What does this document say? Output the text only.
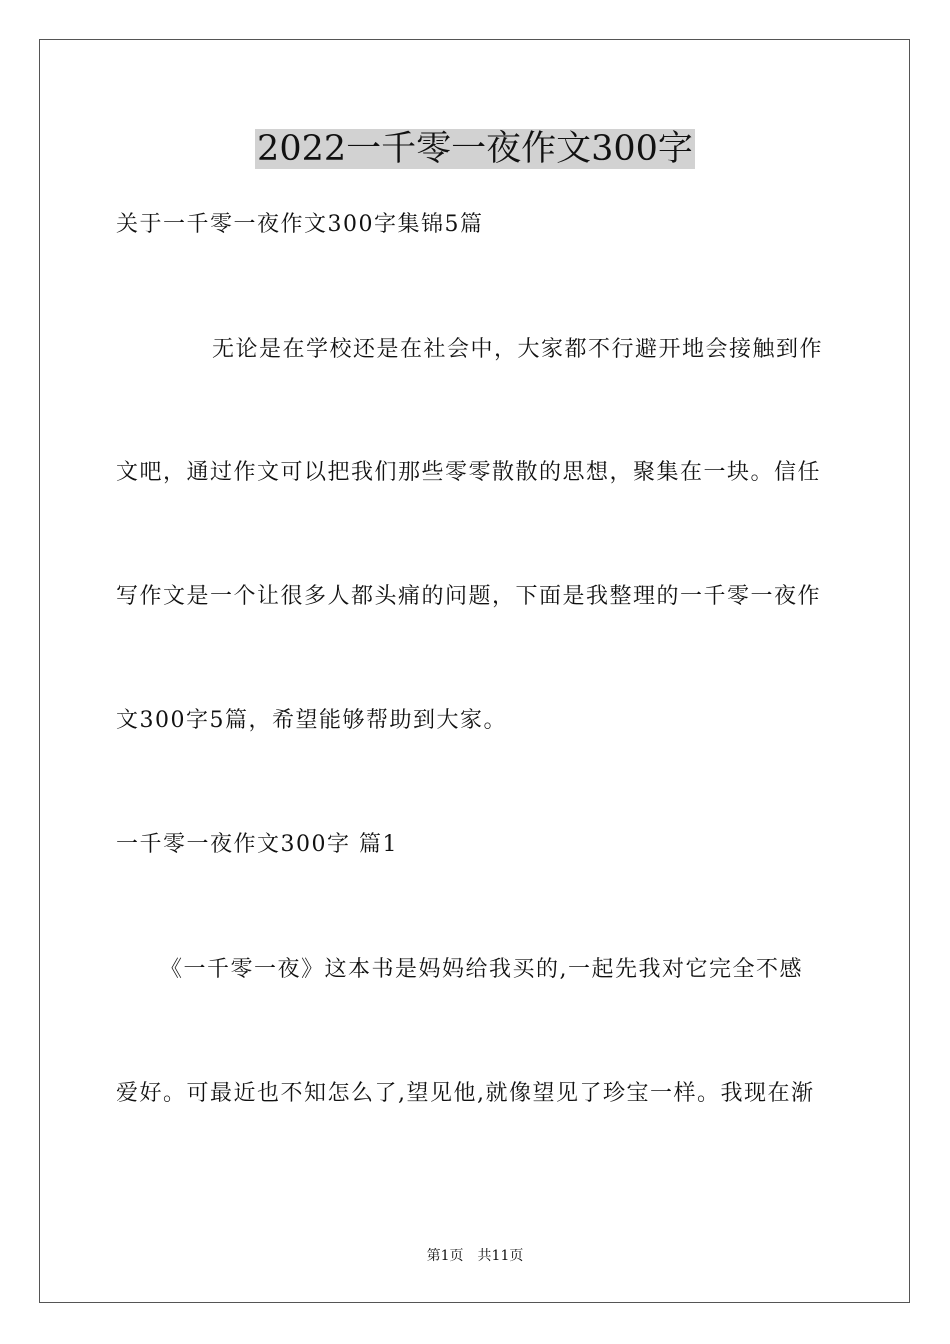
2022一千零一夜作文300字
关于一千零一夜作文300字集锦5篇
无论是在学校还是在社会中，大家都不行避开地会接触到作
文吧，通过作文可以把我们那些零零散散的思想，聚集在一块。信任
写作文是一个让很多人都头痛的问题，下面是我整理的一千零一夜作
文300字5篇，希望能够帮助到大家。
一千零一夜作文300字 篇1
《一千零一夜》这本书是妈妈给我买的,一起先我对它完全不感
爱好。可最近也不知怎么了,望见他,就像望见了珍宝一样。我现在渐
第1页　共11页
